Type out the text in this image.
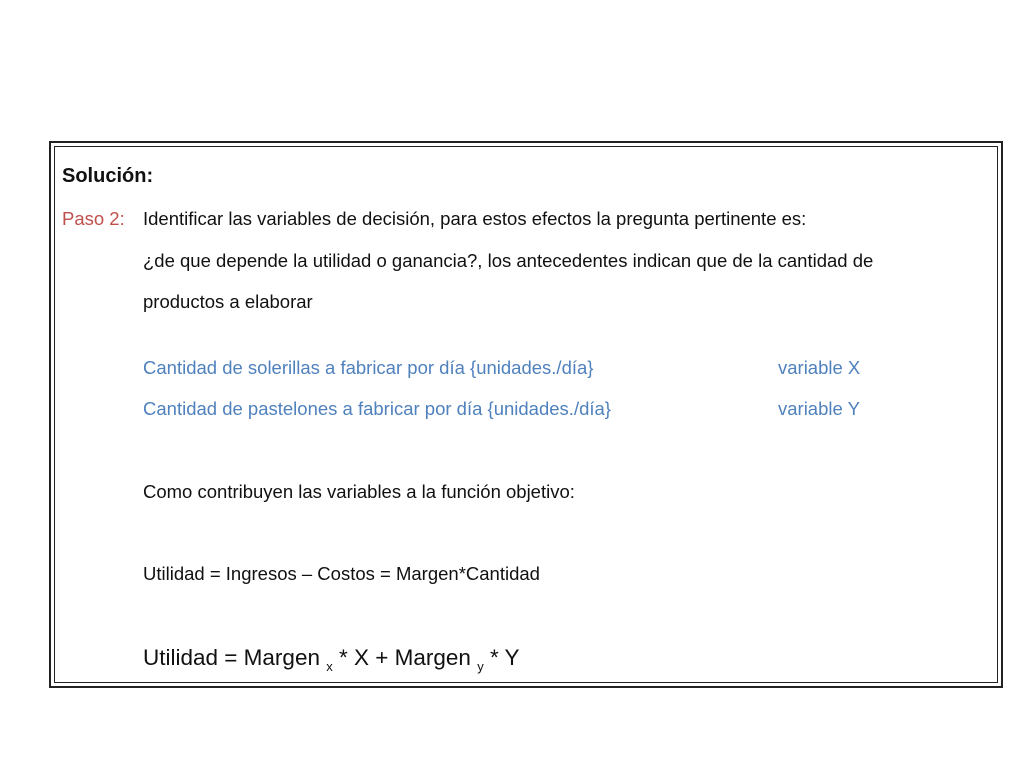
Solución:
Paso 2: Identificar las variables de decisión, para estos efectos la pregunta pertinente es:
¿de que depende la utilidad o ganancia?, los antecedentes indican que de la cantidad de
productos a elaborar
Cantidad de solerillas a fabricar por día {unidades./día}	variable X
Cantidad de pastelones a fabricar por día {unidades./día}	variable Y
Como contribuyen las variables a la función objetivo:
Utilidad = Ingresos – Costos = Margen*Cantidad
Utilidad = Margen $_x$ * X + Margen $_y$ * Y
